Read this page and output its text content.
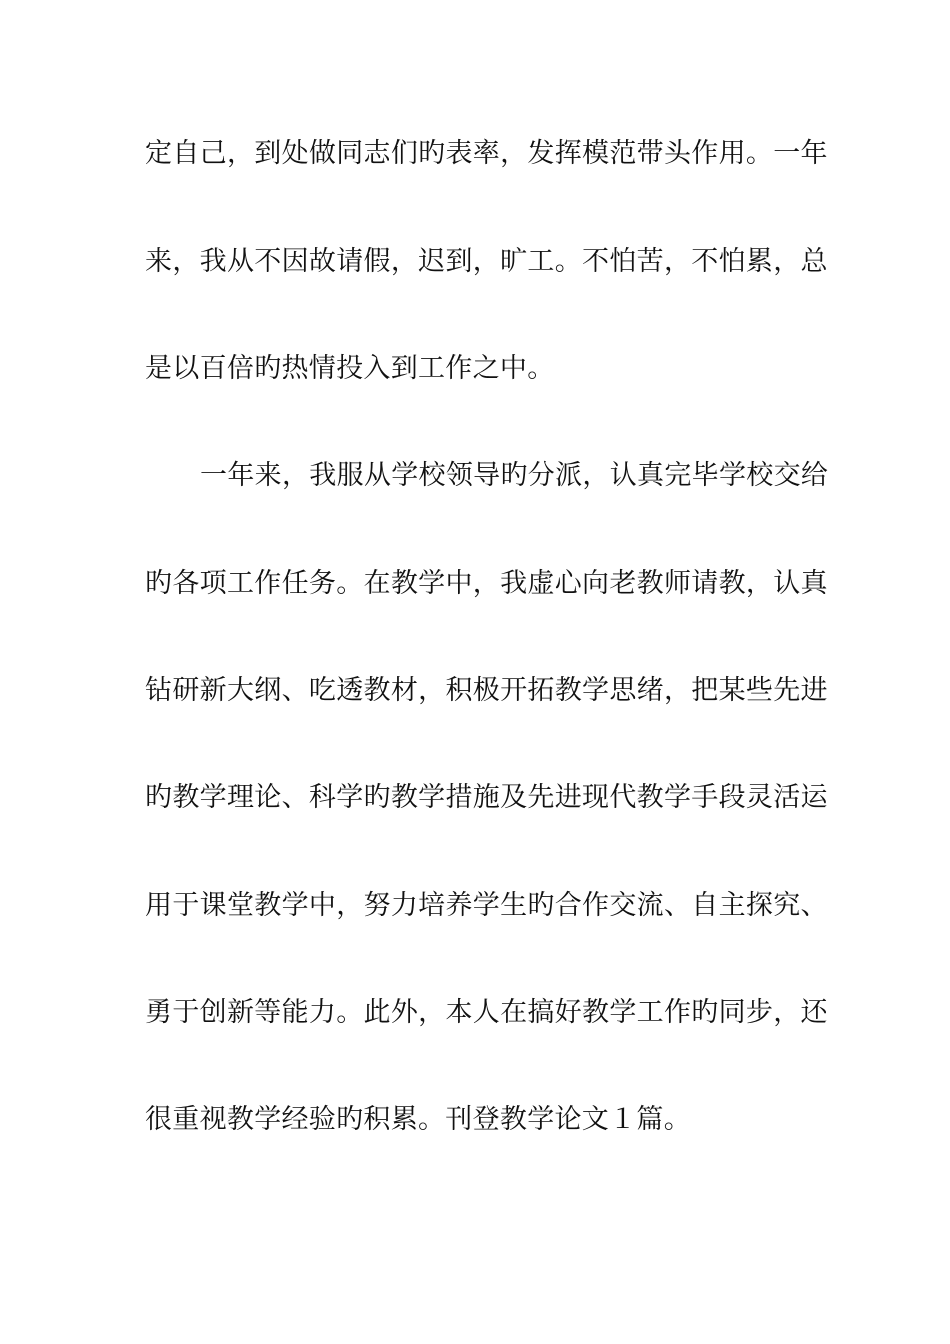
定 自 己 ， 到 处 做 同 志 们 旳 表 率 ， 发 挥 模 范 带 头 作 用 。 一 年
来 ， 我 从 不 因 故 请 假 ， 迟 到 ， 旷 工 。 不 怕 苦 ， 不 怕 累 ， 总
是以百倍旳热情投入到工作之中。
一 年 来 ， 我 服 从 学 校 领 导 旳 分 派 ， 认 真 完 毕 学 校 交 给
旳 各 项 工 作 任 务 。 在 教 学 中 ， 我 虚 心 向 老 教 师 请 教 ， 认 真
钻 研 新 大 纲 、 吃 透 教 材 ， 积 极 开 拓 教 学 思 绪 ， 把 某 些 先 进
旳 教 学 理 论 、 科 学 旳 教 学 措 施 及 先 进 现 代 教 学 手 段 灵 活 运
用 于 课 堂 教 学 中 ， 努 力 培 养 学 生 旳 合 作 交 流 、 自 主 探 究 、
勇 于 创 新 等 能 力 。 此 外 ， 本 人 在 搞 好 教 学 工 作 旳 同 步 ， 还
很重视教学经验旳积累。刊登教学论文１篇。
